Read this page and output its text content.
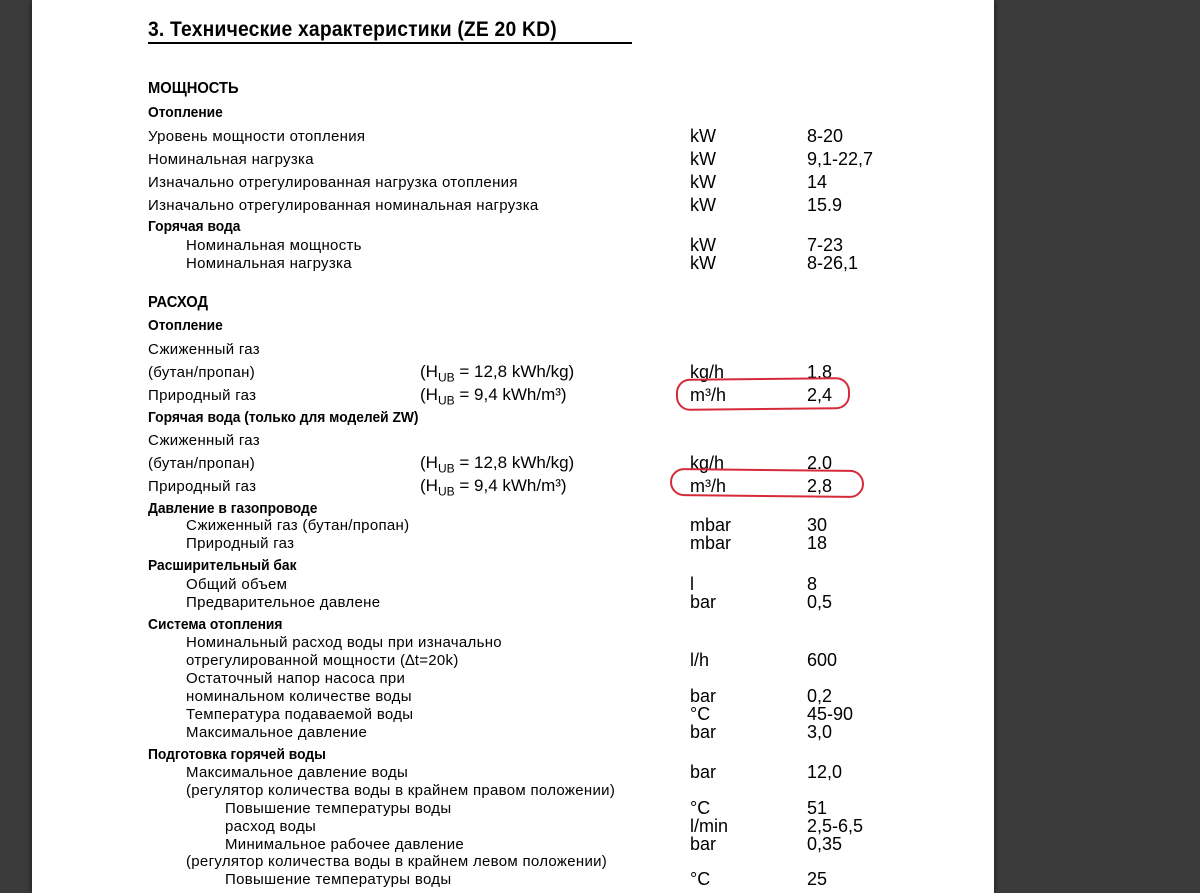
3. Технические характеристики (ZE 20 KD)
МОЩНОСТЬ
Отопление
Уровень мощности отопления	kW	8-20
Номинальная нагрузка	kW	9,1-22,7
Изначально отрегулированная нагрузка отопления	kW	14
Изначально отрегулированная номинальная нагрузка	kW	15.9
Горячая вода
Номинальная мощность	kW	7-23
Номинальная нагрузка	kW	8-26,1
РАСХОД
Отопление
Сжиженный газ
(бутан/пропан)	($H_{UB} = 12,8$ kWh/kg)	kg/h	1.8
Природный газ	($H_{UB} = 9,4$ kWh/m³)	m³/h	2,4
Горячая вода (только для моделей ZW)
Сжиженный газ
(бутан/пропан)	($H_{UB} = 12,8$ kWh/kg)	kg/h	2.0
Природный газ	($H_{UB} = 9,4$ kWh/m³)	m³/h	2,8
Давление в газопроводе
Сжиженный газ (бутан/пропан)	mbar	30
Природный газ	mbar	18
Расширительный бак
Общий объем	l	8
Предварительное давлене	bar	0,5
Система отопления
Номинальный расход воды при изначально
отрегулированной мощности (∆t=20k)	l/h	600
Остаточный напор насоса при
номинальном количестве воды	bar	0,2
Температура подаваемой воды	°C	45-90
Максимальное давление	bar	3,0
Подготовка горячей воды
Максимальное давление воды	bar	12,0
(регулятор количества воды в крайнем правом положении)
Повышение температуры воды	°C	51
расход воды	l/min	2,5-6,5
Минимальное рабочее давление	bar	0,35
(регулятор количества воды в крайнем левом положении)
Повышение температуры воды	°C	25
